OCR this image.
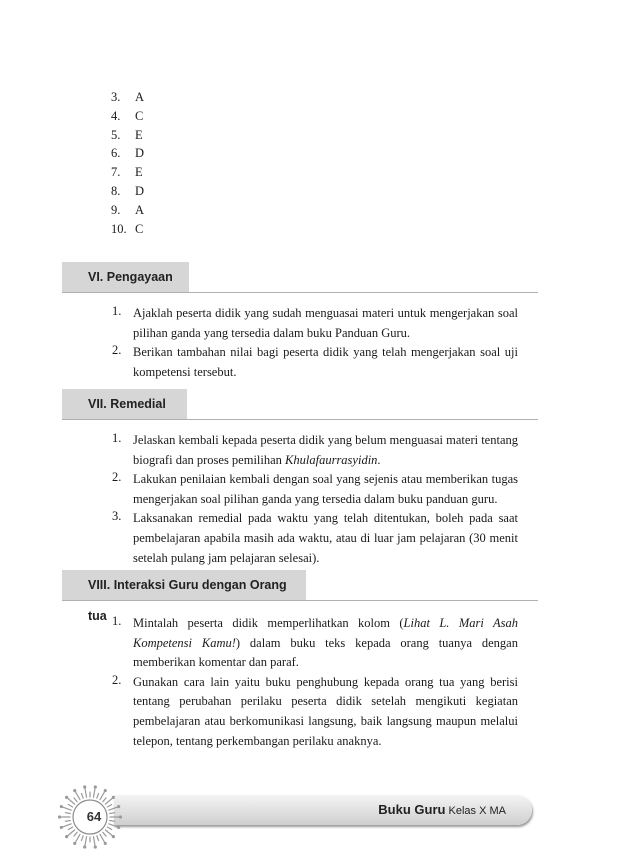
3.	A
4.	C
5.	E
6.	D
7.	E
8.	D
9.	A
10. C
VI. Pengayaan
1. Ajaklah peserta didik yang sudah menguasai materi untuk mengerjakan soal pilihan ganda yang tersedia dalam buku Panduan Guru.
2. Berikan tambahan nilai bagi peserta didik yang telah mengerjakan soal uji kompetensi tersebut.
VII. Remedial
1. Jelaskan kembali kepada peserta didik yang belum menguasai materi tentang biografi dan proses pemilihan Khulafaurrasyidin.
2. Lakukan penilaian kembali dengan soal yang sejenis atau memberikan tugas mengerjakan soal pilihan ganda yang tersedia dalam buku panduan guru.
3. Laksanakan remedial pada waktu yang telah ditentukan, boleh pada saat pembelajaran apabila masih ada waktu, atau di luar jam pelajaran (30 menit setelah pulang jam pelajaran selesai).
VIII. Interaksi Guru dengan Orang tua 1. Mintalah peserta didik memperlihatkan kolom (Lihat L. Mari Asah Kompetensi Kamu!) dalam buku teks kepada orang tuanya dengan memberikan komentar dan paraf.
2. Gunakan cara lain yaitu buku penghubung kepada orang tua yang berisi tentang perubahan perilaku peserta didik setelah mengikuti kegiatan pembelajaran atau berkomunikasi langsung, baik langsung maupun melalui telepon, tentang perkembangan perilaku anaknya.
Buku Guru Kelas X MA
64
